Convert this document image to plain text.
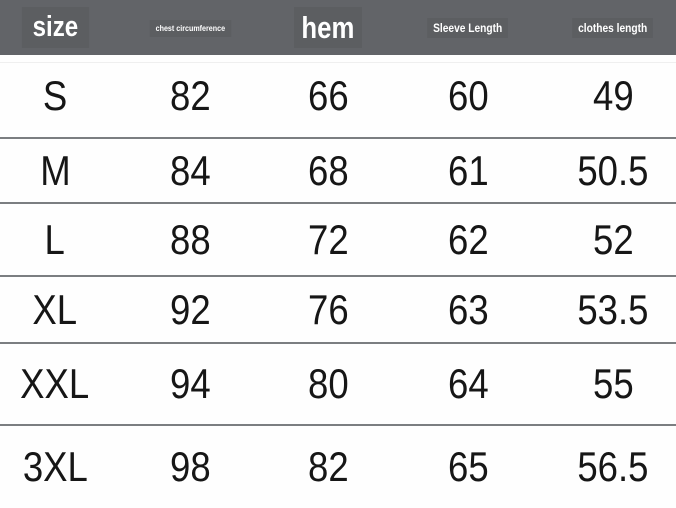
size	chest circumference	hem	Sleeve Length	clothes length
S 82 66 60 49
M 84 68 61 50.5
L 88 72 62 52
XL 92 76 63 53.5
XXL 94 80 64 55
3XL 98 82 65 56.5
